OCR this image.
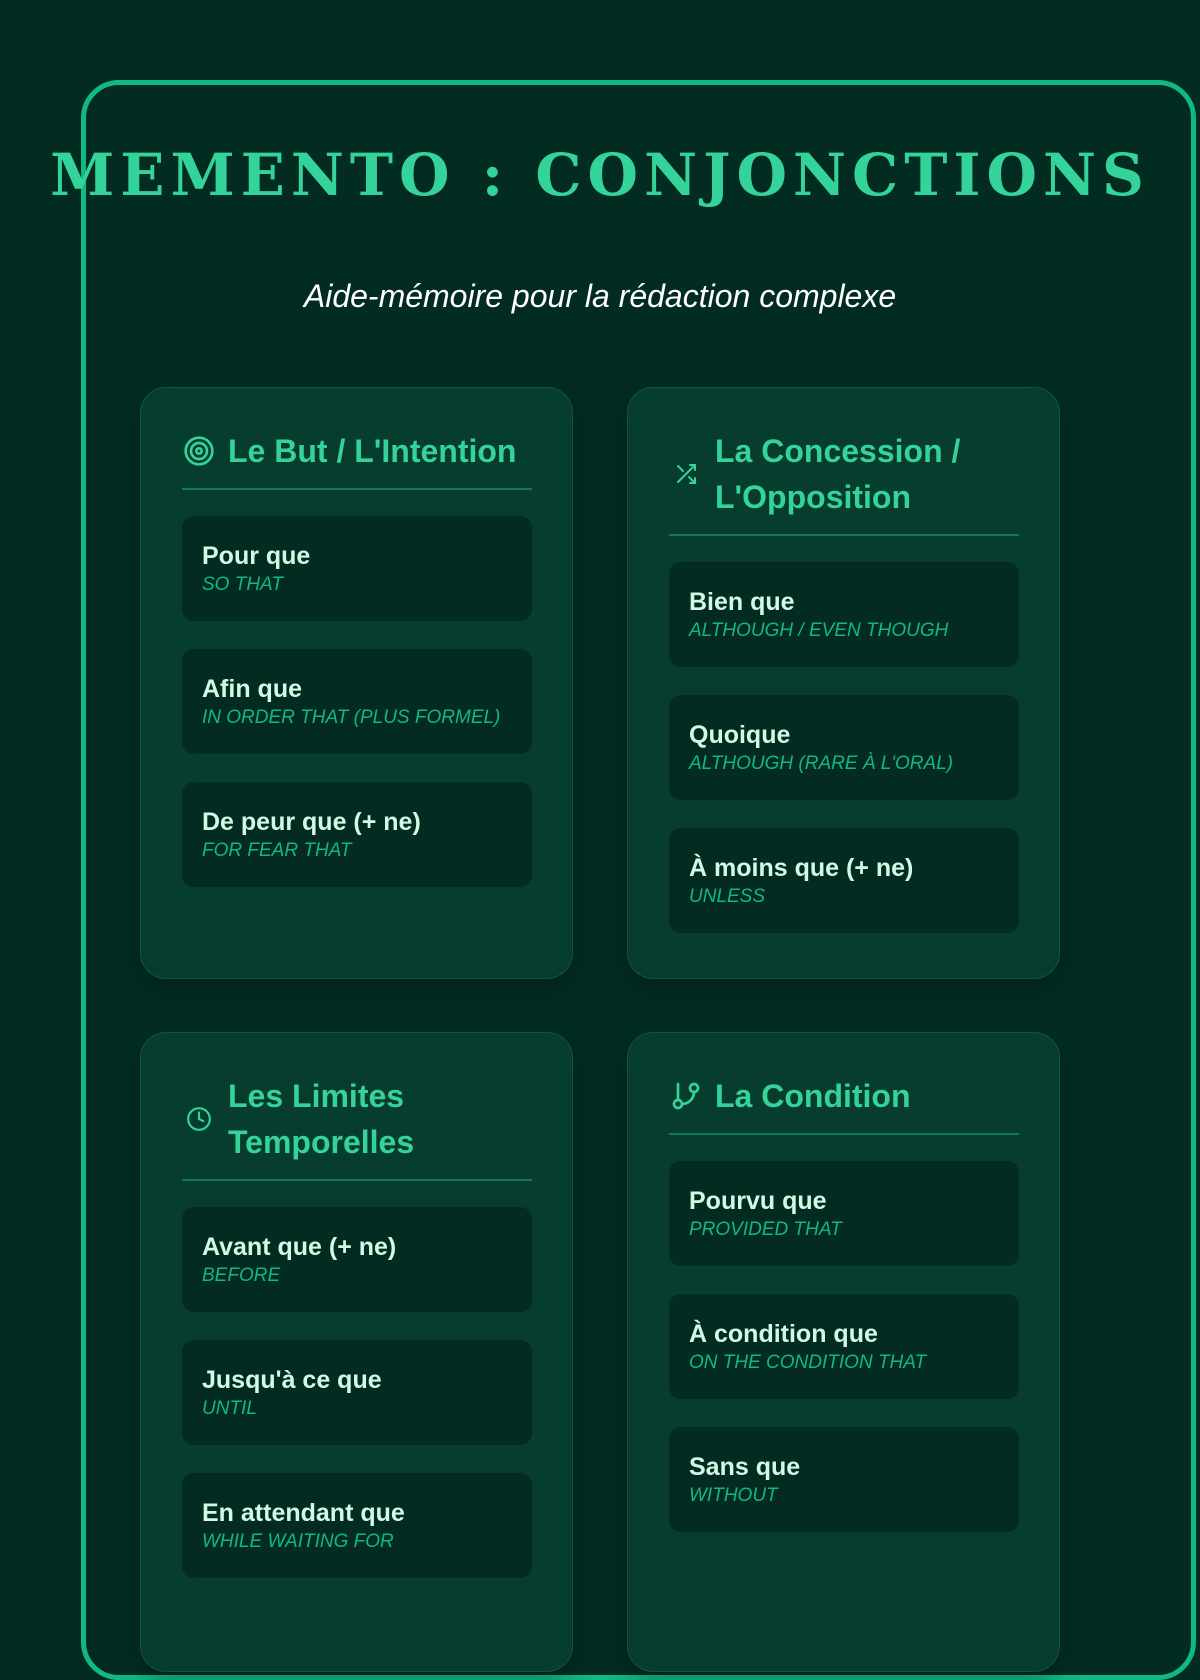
MEMENTO : CONJONCTIONS

Aide-mémoire pour la rédaction complexe

Le But / L'Intention
Pour que
SO THAT
Afin que
IN ORDER THAT (PLUS FORMEL)
De peur que (+ ne)
FOR FEAR THAT
La Concession / L'Opposition
Bien que
ALTHOUGH / EVEN THOUGH
Quoique
ALTHOUGH (RARE À L'ORAL)
À moins que (+ ne)
UNLESS
Les Limites Temporelles
Avant que (+ ne)
BEFORE
Jusqu'à ce que
UNTIL
En attendant que
WHILE WAITING FOR
La Condition
Pourvu que
PROVIDED THAT
À condition que
ON THE CONDITION THAT
Sans que
WITHOUT
